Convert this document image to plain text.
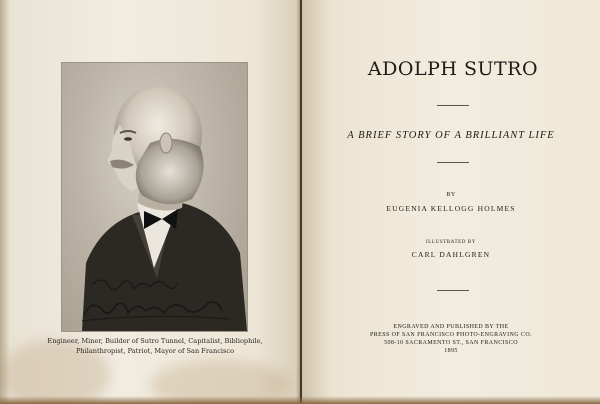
Engineer, Miner, Builder of Sutro Tunnel, Capitalist, Bibliophile,
Philanthropist, Patriot, Mayor of San Francisco

ADOLPH SUTRO

A BRIEF STORY OF A BRILLIANT LIFE

BY

EUGENIA KELLOGG HOLMES

ILLUSTRATED BY

CARL DAHLGREN

ENGRAVED AND PUBLISHED BY THE
PRESS OF SAN FRANCISCO PHOTO-ENGRAVING CO.
508-10 SACRAMENTO ST., SAN FRANCISCO
1895
